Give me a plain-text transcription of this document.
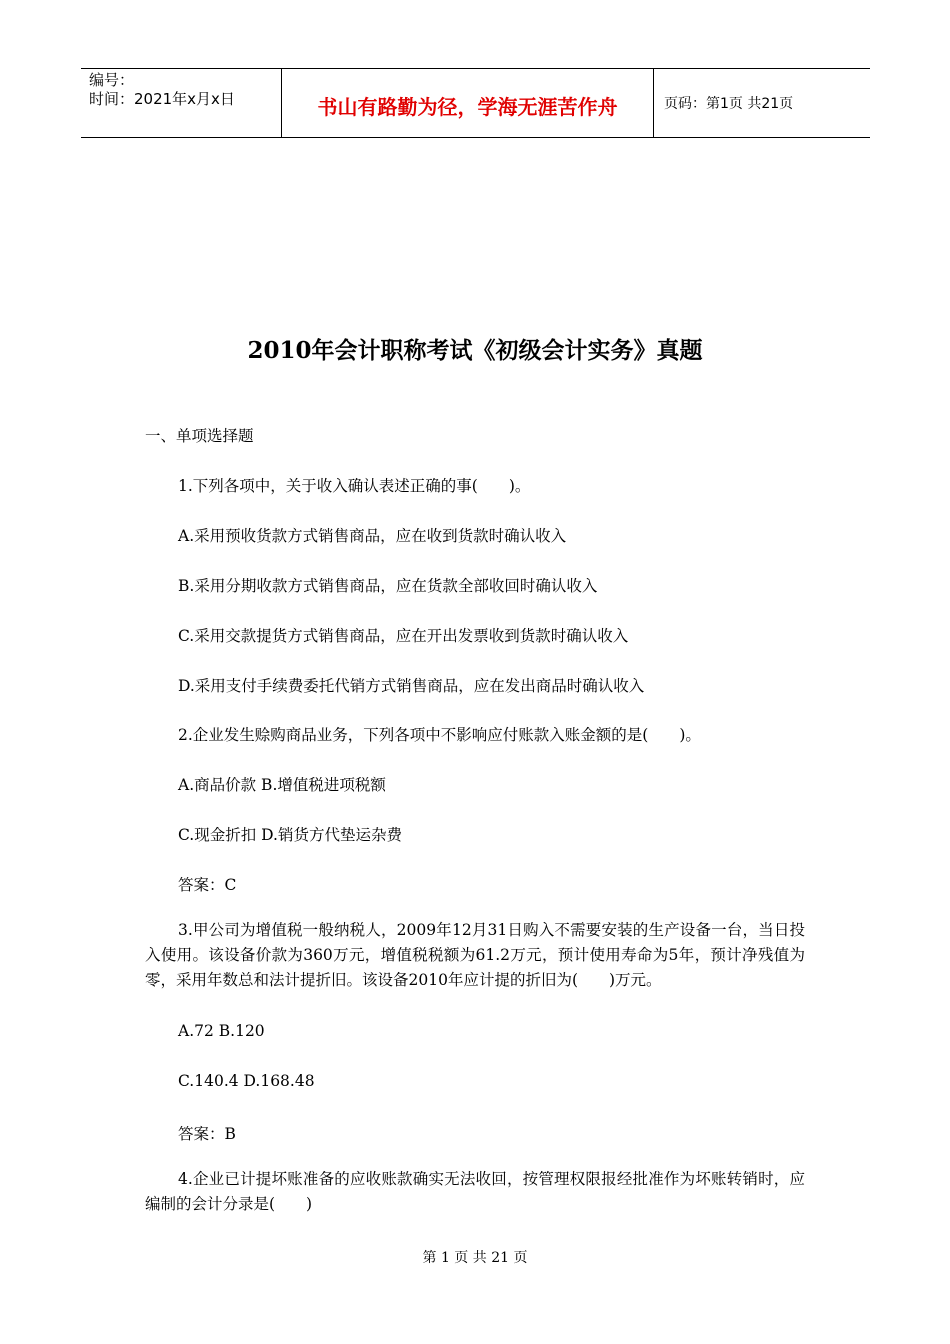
编号：
时间：2021年x月x日	书山有路勤为径，学海无涯苦作舟	页码：第1页 共21页
2010年会计职称考试《初级会计实务》真题
一、单项选择题
1.下列各项中，关于收入确认表述正确的事(　　)。
A.采用预收货款方式销售商品，应在收到货款时确认收入
B.采用分期收款方式销售商品，应在货款全部收回时确认收入
C.采用交款提货方式销售商品，应在开出发票收到货款时确认收入
D.采用支付手续费委托代销方式销售商品，应在发出商品时确认收入
2.企业发生赊购商品业务，下列各项中不影响应付账款入账金额的是(　　)。
A.商品价款 B.增值税进项税额
C.现金折扣 D.销货方代垫运杂费
答案：C
3.甲公司为增值税一般纳税人，2009年12月31日购入不需要安装的生产设备一台，当日投入使用。该设备价款为360万元，增值税税额为61.2万元，预计使用寿命为5年，预计净残值为零，采用年数总和法计提折旧。该设备2010年应计提的折旧为(　　)万元。
A.72 B.120
C.140.4 D.168.48
答案：B
4.企业已计提坏账准备的应收账款确实无法收回，按管理权限报经批准作为坏账转销时，应编制的会计分录是(　　)
第 1 页 共 21 页
